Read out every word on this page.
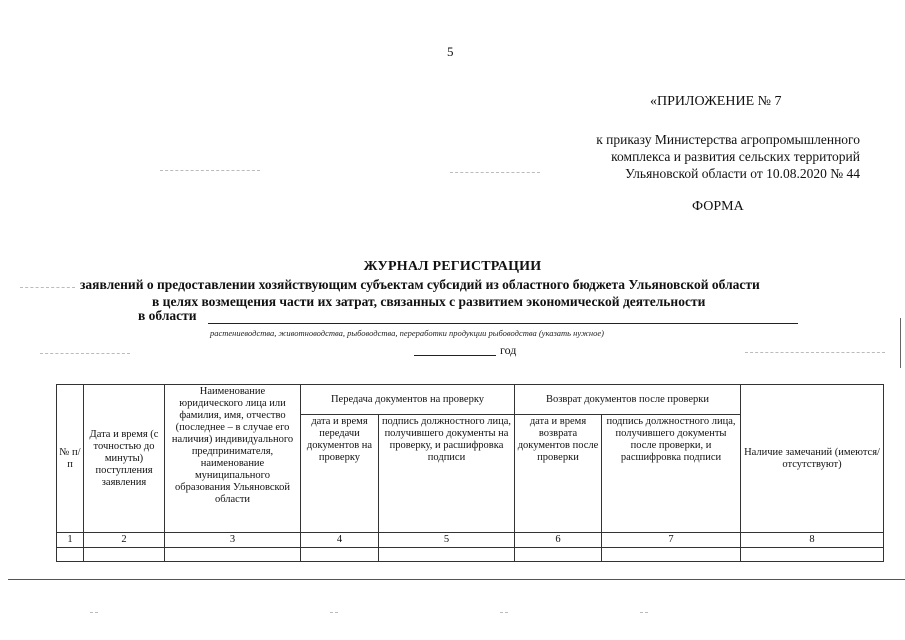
5
«ПРИЛОЖЕНИЕ № 7
к приказу Министерства агропромышленного
комплекса и развития сельских территорий
Ульяновской области от 10.08.2020 № 44
ФОРМА
ЖУРНАЛ РЕГИСТРАЦИИ
заявлений о предоставлении хозяйствующим субъектам субсидий из областного бюджета Ульяновской области
в целях возмещения части их затрат, связанных с развитием экономической деятельности
в области
растениеводства, животноводства, рыбоводства, переработки продукции рыбоводства (указать нужное)
год
№ п/п	Дата и время (с точностью до минуты) поступления заявления	Наименование юридического лица или фамилия, имя, отчество (последнее – в случае его наличия) индивидуального предпринимателя, наименование муниципального образования Ульяновской области	Передача документов на проверку		Возврат документов после проверки		Наличие замечаний (имеются/отсутствуют)
			дата и время передачи документов на проверку	подпись должностного лица, получившего документы на проверку, и расшифровка подписи	дата и время возврата документов после проверки	подпись должностного лица, получившего документы после проверки, и расшифровка подписи	
1	2	3	4	5	6	7	8
